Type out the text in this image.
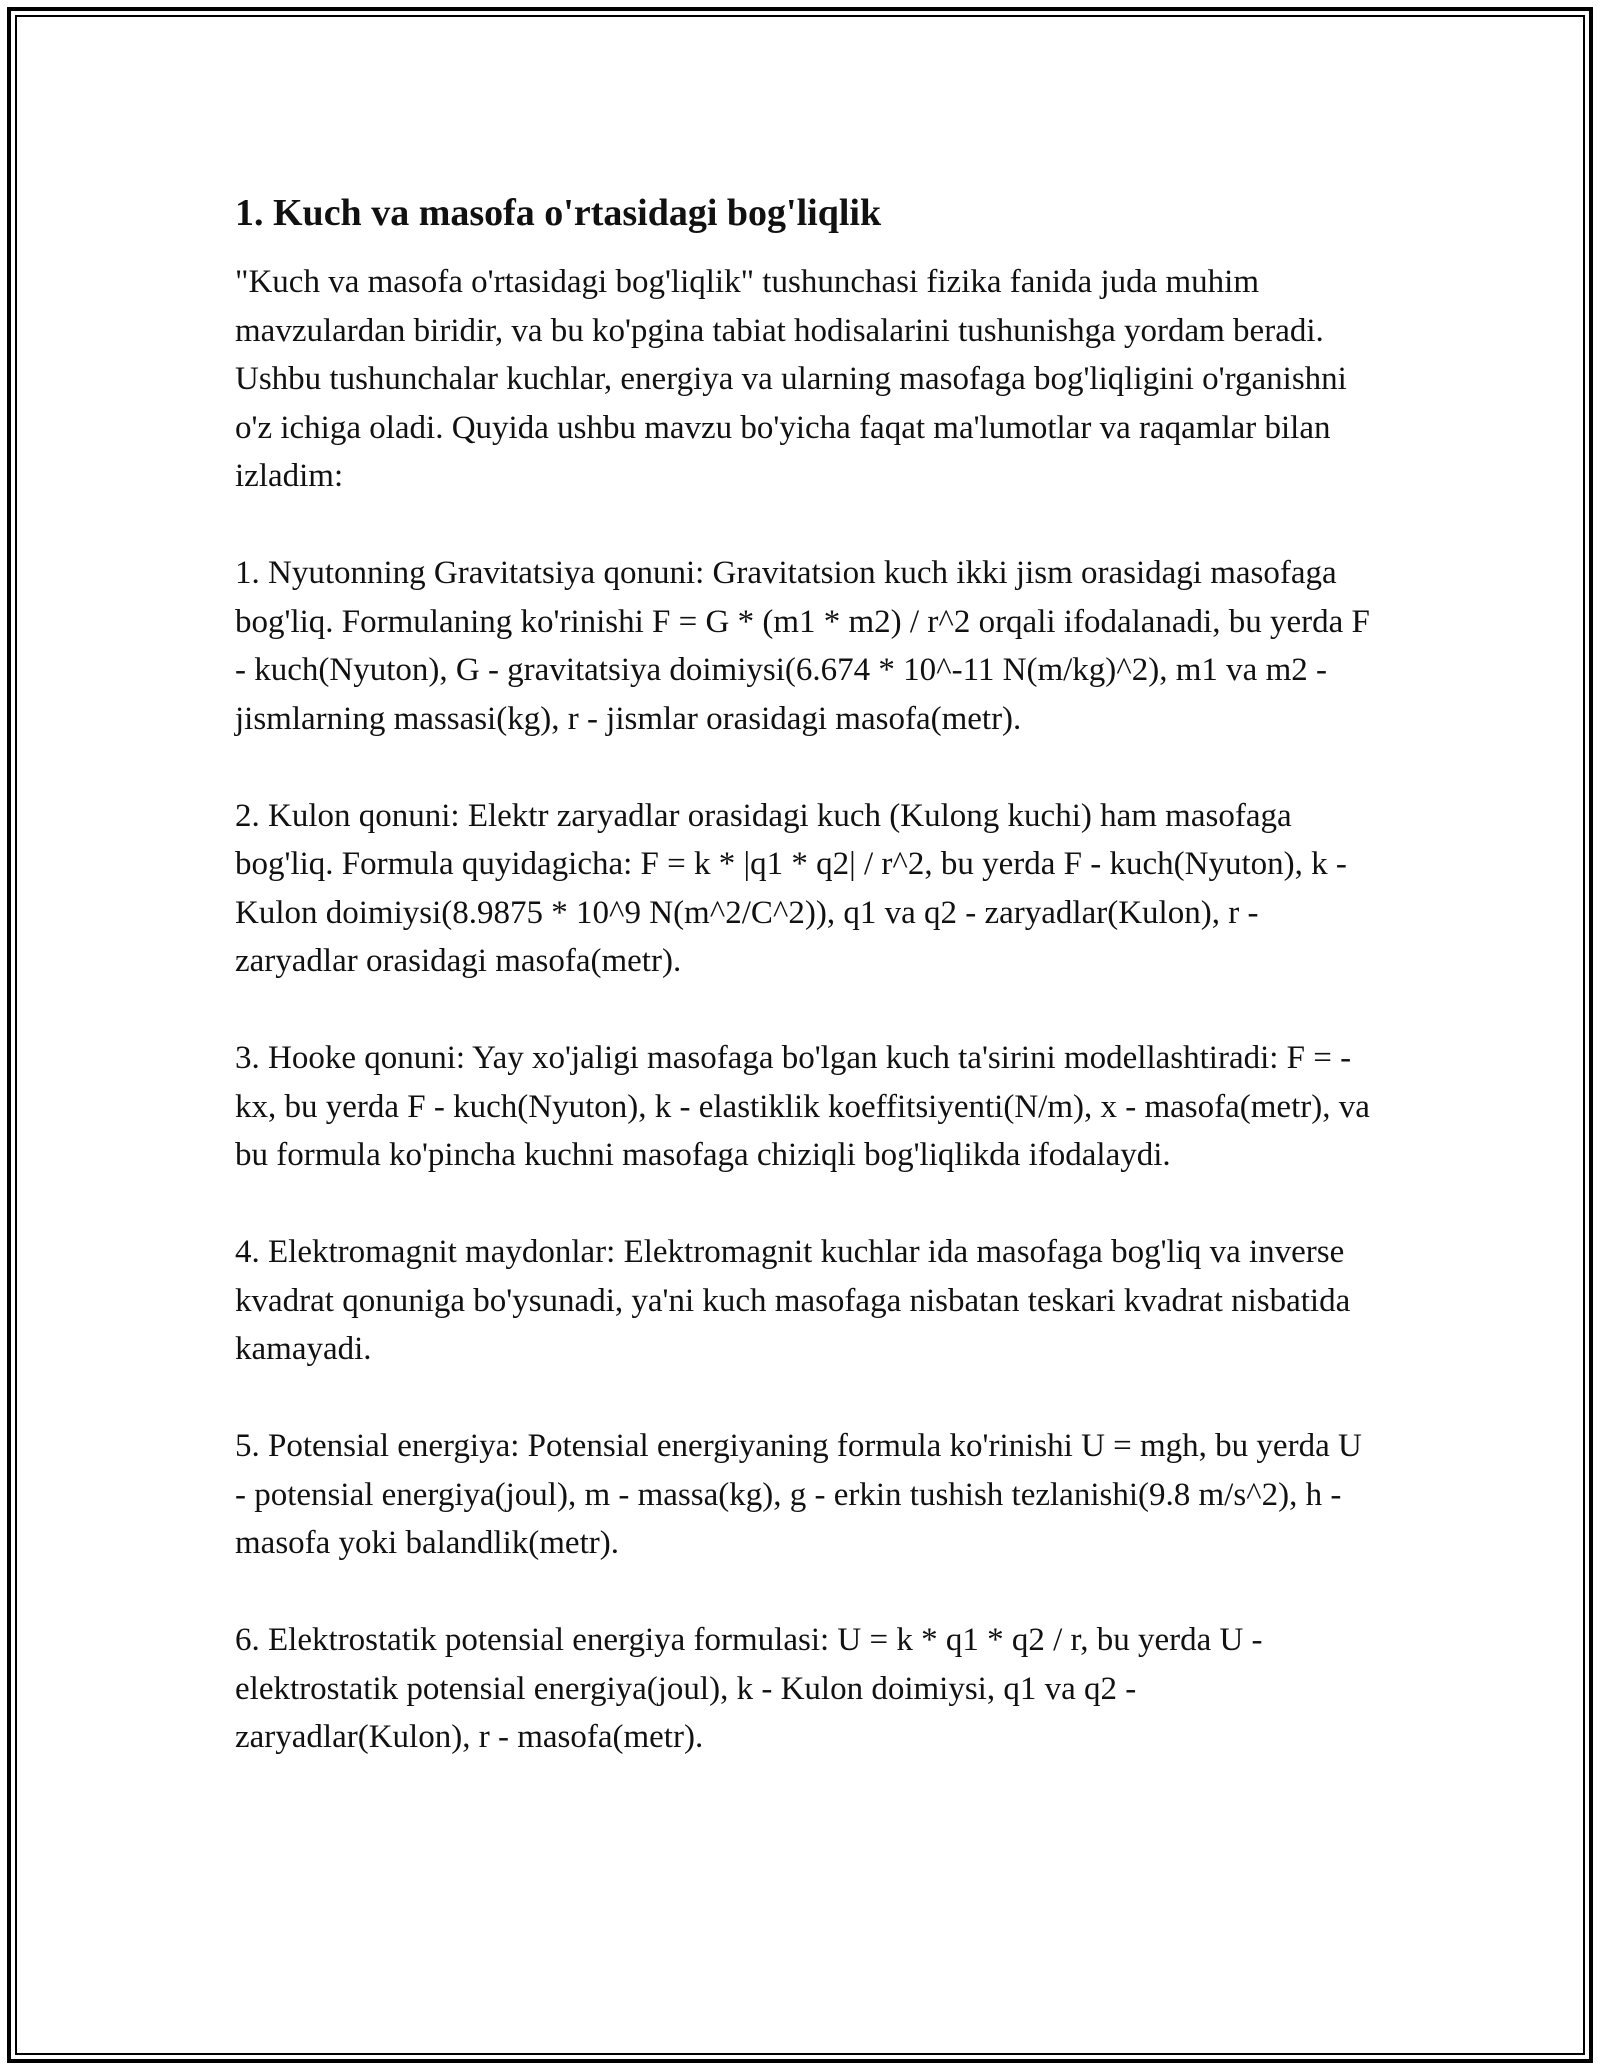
1. Kuch va masofa o'rtasidagi bog'liqlik

"Kuch va masofa o'rtasidagi bog'liqlik" tushunchasi fizika fanida juda muhim mavzulardan biridir, va bu ko'pgina tabiat hodisalarini tushunishga yordam beradi. Ushbu tushunchalar kuchlar, energiya va ularning masofaga bog'liqligini o'rganishni o'z ichiga oladi. Quyida ushbu mavzu bo'yicha faqat ma'lumotlar va raqamlar bilan izladim:

1. Nyutonning Gravitatsiya qonuni: Gravitatsion kuch ikki jism orasidagi masofaga bog'liq. Formulaning ko'rinishi F = G * (m1 * m2) / r^2 orqali ifodalanadi, bu yerda F - kuch(Nyuton), G - gravitatsiya doimiysi(6.674 * 10^-11 N(m/kg)^2), m1 va m2 - jismlarning massasi(kg), r - jismlar orasidagi masofa(metr).

2. Kulon qonuni: Elektr zaryadlar orasidagi kuch (Kulong kuchi) ham masofaga bog'liq. Formula quyidagicha: F = k * |q1 * q2| / r^2, bu yerda F - kuch(Nyuton), k - Kulon doimiysi(8.9875 * 10^9 N(m^2/C^2)), q1 va q2 - zaryadlar(Kulon), r - zaryadlar orasidagi masofa(metr).

3. Hooke qonuni: Yay xo'jaligi masofaga bo'lgan kuch ta'sirini modellashtiradi: F = -kx, bu yerda F - kuch(Nyuton), k - elastiklik koeffitsiyenti(N/m), x - masofa(metr), va bu formula ko'pincha kuchni masofaga chiziqli bog'liqlikda ifodalaydi.

4. Elektromagnit maydonlar: Elektromagnit kuchlar ida masofaga bog'liq va inverse kvadrat qonuniga bo'ysunadi, ya'ni kuch masofaga nisbatan teskari kvadrat nisbatida kamayadi.

5. Potensial energiya: Potensial energiyaning formula ko'rinishi U = mgh, bu yerda U - potensial energiya(joul), m - massa(kg), g - erkin tushish tezlanishi(9.8 m/s^2), h - masofa yoki balandlik(metr).

6. Elektrostatik potensial energiya formulasi: U = k * q1 * q2 / r, bu yerda U - elektrostatik potensial energiya(joul), k - Kulon doimiysi, q1 va q2 - zaryadlar(Kulon), r - masofa(metr).
